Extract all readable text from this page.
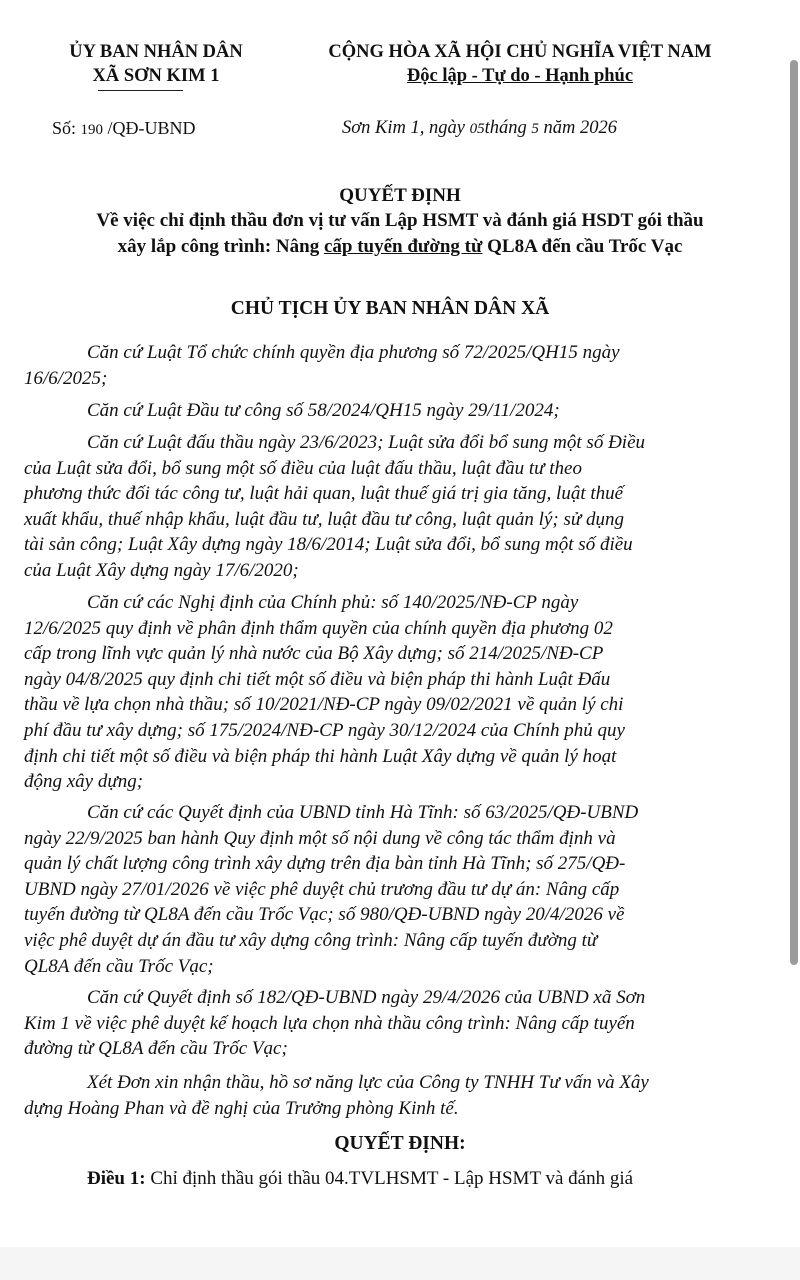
ỦY BAN NHÂN DÂN
XÃ SƠN KIM 1
CỘNG HÒA XÃ HỘI CHỦ NGHĨA VIỆT NAM
Độc lập - Tự do - Hạnh phúc
Số: 190 /QĐ-UBND	Sơn Kim 1, ngày 05tháng 5 năm 2026
QUYẾT ĐỊNH
Về việc chỉ định thầu đơn vị tư vấn Lập HSMT và đánh giá HSDT gói thầu
xây lắp công trình: Nâng cấp tuyến đường từ QL8A đến cầu Trốc Vạc
CHỦ TỊCH ỦY BAN NHÂN DÂN XÃ
Căn cứ Luật Tổ chức chính quyền địa phương số 72/2025/QH15 ngày
16/6/2025;
Căn cứ Luật Đầu tư công số 58/2024/QH15 ngày 29/11/2024;
Căn cứ Luật đấu thầu ngày 23/6/2023; Luật sửa đổi bổ sung một số Điều
của Luật sửa đổi, bổ sung một số điều của luật đấu thầu, luật đầu tư theo
phương thức đối tác công tư, luật hải quan, luật thuế giá trị gia tăng, luật thuế
xuất khẩu, thuế nhập khẩu, luật đầu tư, luật đầu tư công, luật quản lý; sử dụng
tài sản công; Luật Xây dựng ngày 18/6/2014; Luật sửa đổi, bổ sung một số điều
của Luật Xây dựng ngày 17/6/2020;
Căn cứ các Nghị định của Chính phủ: số 140/2025/NĐ-CP ngày
12/6/2025 quy định về phân định thẩm quyền của chính quyền địa phương 02
cấp trong lĩnh vực quản lý nhà nước của Bộ Xây dựng; số 214/2025/NĐ-CP
ngày 04/8/2025 quy định chi tiết một số điều và biện pháp thi hành Luật Đấu
thầu về lựa chọn nhà thầu; số 10/2021/NĐ-CP ngày 09/02/2021 về quản lý chi
phí đầu tư xây dựng; số 175/2024/NĐ-CP ngày 30/12/2024 của Chính phủ quy
định chi tiết một số điều và biện pháp thi hành Luật Xây dựng về quản lý hoạt
động xây dựng;
Căn cứ các Quyết định của UBND tỉnh Hà Tĩnh: số 63/2025/QĐ-UBND
ngày 22/9/2025 ban hành Quy định một số nội dung về công tác thẩm định và
quản lý chất lượng công trình xây dựng trên địa bàn tỉnh Hà Tĩnh; số 275/QĐ-
UBND ngày 27/01/2026 về việc phê duyệt chủ trương đầu tư dự án: Nâng cấp
tuyến đường từ QL8A đến cầu Trốc Vạc; số 980/QĐ-UBND ngày 20/4/2026 về
việc phê duyệt dự án đầu tư xây dựng công trình: Nâng cấp tuyến đường từ
QL8A đến cầu Trốc Vạc;
Căn cứ Quyết định số 182/QĐ-UBND ngày 29/4/2026 của UBND xã Sơn
Kim 1 về việc phê duyệt kế hoạch lựa chọn nhà thầu công trình: Nâng cấp tuyến
đường từ QL8A đến cầu Trốc Vạc;
Xét Đơn xin nhận thầu, hồ sơ năng lực của Công ty TNHH Tư vấn và Xây
dựng Hoàng Phan và đề nghị của Trưởng phòng Kinh tế.
QUYẾT ĐỊNH:
Điều 1: Chỉ định thầu gói thầu 04.TVLHSMT - Lập HSMT và đánh giá
